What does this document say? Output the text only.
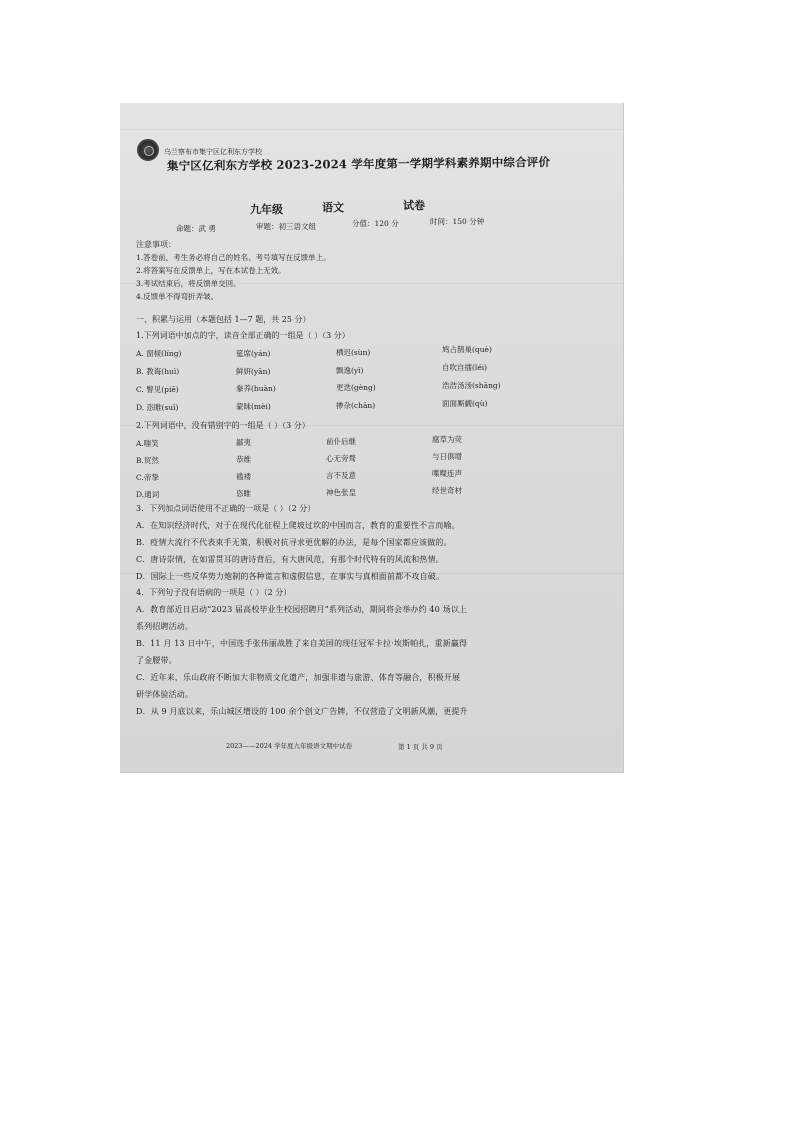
乌兰察布市集宁区亿利东方学校
集宁区亿利东方学校 2023-2024 学年度第一学期学科素养期中综合评价
九年级	语文	试卷
命题：武 勇	审题：初三语文组	分值：120 分	时间：150 分钟
注意事项：
1.答卷前，考生务必将自己的姓名、考号填写在反馈单上。
2.将答案写在反馈单上，写在本试卷上无效。
3.考试结束后，将反馈单交回。
4.反馈单不得弯折弄皱。
一、积累与运用（本题包括 1—7 题，共 25 分）
1.下列词语中加点的字，读音全部正确的一组是（ ）（3 分）
A. 窗棂(líng)	筵席(yán)	栖迟(sùn)	鸠占鹊巢(què)
B. 教诲(huì)	鲜妍(yān)	飘逸(yì)	自吹自擂(léi)
C. 瞥见(piē)	豢养(huàn)	更迭(gèng)	浩浩汤汤(shāng)
D. 恣睢(suī)	蒙昧(mèi)	掺杂(chān)	面面厮觑(qù)
2.下列词语中，没有错别字的一组是（ ）（3 分）
A.嗤笑	鄙夷	前仆后继	腐草为荧
B.贸然	恭维	心无旁骛	与日俱增
C.帝挚	褴褛	言不及意	喋喋连声
D.通词	恣睢	神色张皇	经世奇材
3．下列加点词语使用不正确的一项是（ ）（2 分）
A．在知识经济时代，对于在现代化征程上爬坡过坎的中国而言，教育的重要性不言而喻。
B．疫情大流行不代表束手无策，积极对抗寻求更优解的办法，是每个国家都应该做的。
C．唐诗崇情，在如雷贯耳的唐诗背后，有大唐风范，有那个时代特有的风流和热情。
D．国际上一些反华势力炮制的各种谎言和虚假信息，在事实与真相面前都不攻自破。
4．下列句子没有语病的一项是（ ）（2 分）
A．教育部近日启动“2023 届高校毕业生校园招聘月”系列活动，期间将会举办约 40 场以上
系列招聘活动。
B．11 月 13 日中午，中国选手张伟丽战胜了来自美国的现任冠军卡拉·埃斯帕扎，重新赢得
了金腰带。
C．近年来，乐山政府不断加大非物质文化遗产，加强非遗与旅游、体育等融合，积极开展
研学体验活动。
D．从 9 月底以来，乐山城区增设的 100 余个创文广告牌，不仅营造了文明新风潮，更提升
2023——2024 学年度九年级语文期中试卷	第 1 页 共 9 页
